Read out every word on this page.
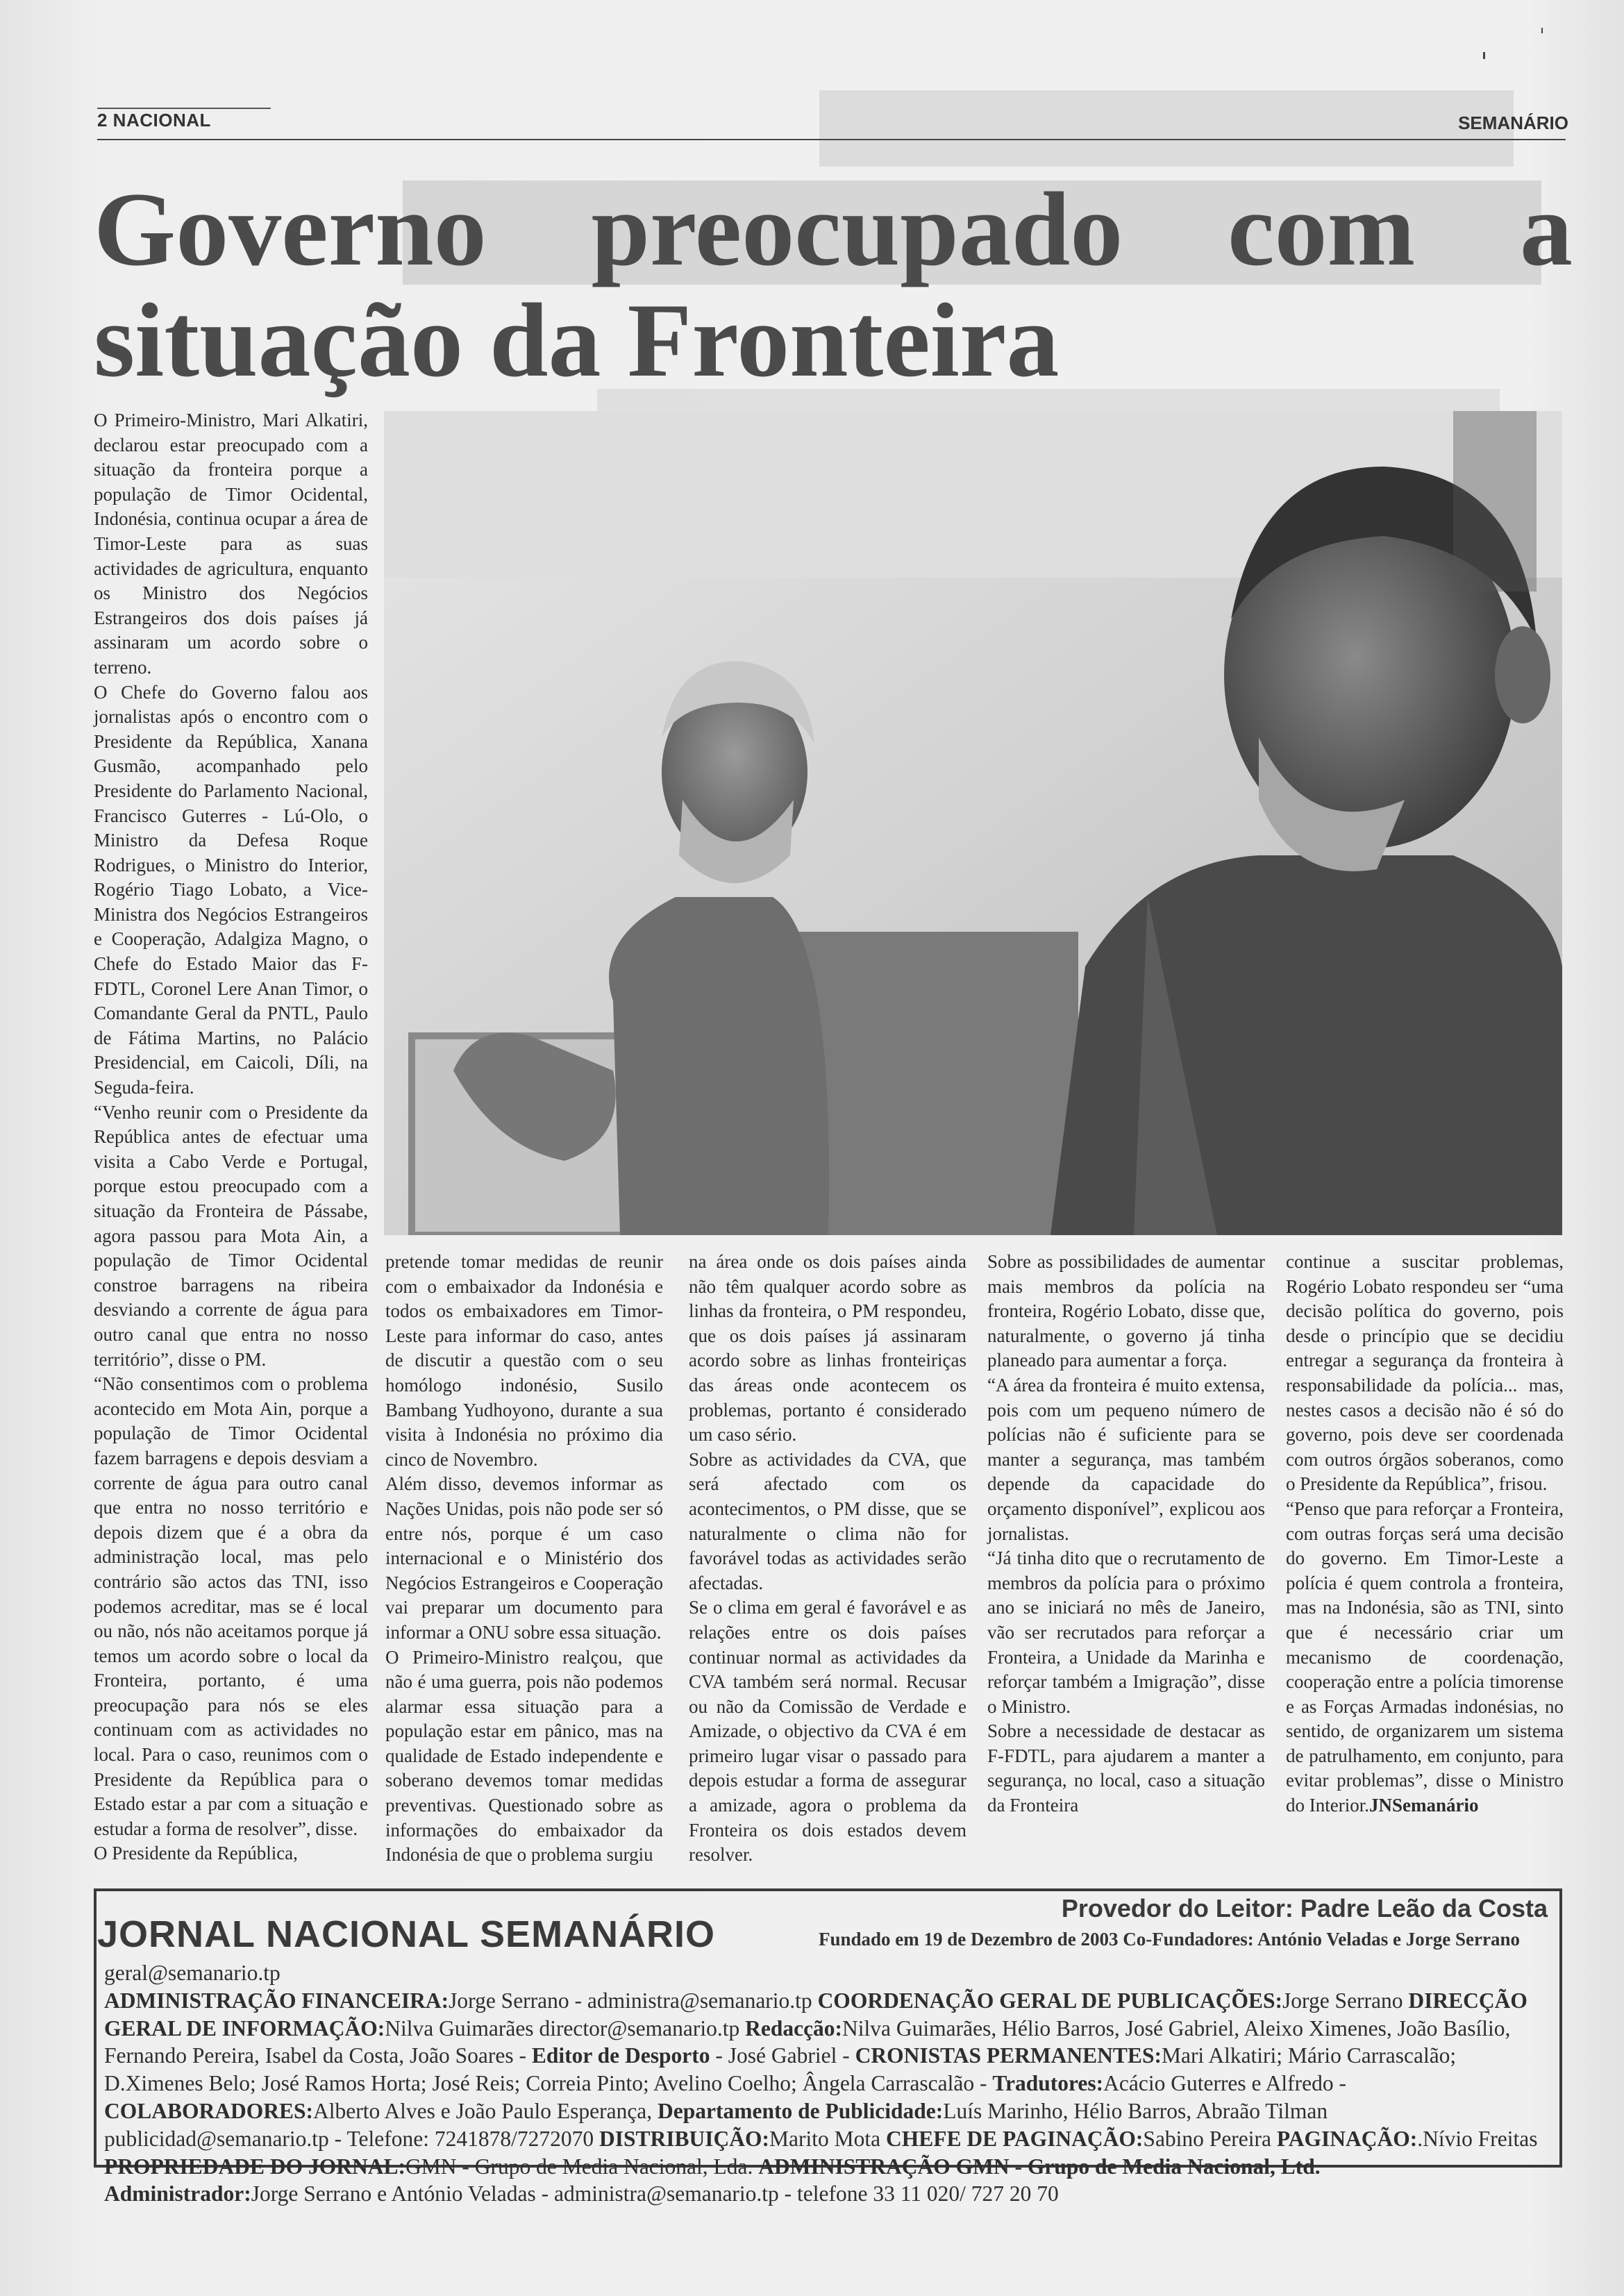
2 NACIONAL	SEMANÁRIO
Governo preocupado com a
situação da Fronteira

O Primeiro-Ministro, Mari Alkatiri, declarou estar preocupado com a situação da fronteira porque a população de Timor Ocidental, Indonésia, continua ocupar a área de Timor-Leste para as suas actividades de agricultura, enquanto os Ministro dos Negócios Estrangeiros dos dois países já assinaram um acordo sobre o terreno.

O Chefe do Governo falou aos jornalistas após o encontro com o Presidente da República, Xanana Gusmão, acompanhado pelo Presidente do Parlamento Nacional, Francisco Guterres - Lú-Olo, o Ministro da Defesa Roque Rodrigues, o Ministro do Interior, Rogério Tiago Lobato, a Vice-Ministra dos Negócios Estrangeiros e Cooperação, Adalgiza Magno, o Chefe do Estado Maior das F-FDTL, Coronel Lere Anan Timor, o Comandante Geral da PNTL, Paulo de Fátima Martins, no Palácio Presidencial, em Caicoli, Díli, na Seguda-feira.

“Venho reunir com o Presidente da República antes de efectuar uma visita a Cabo Verde e Portugal, porque estou preocupado com a situação da Fronteira de Pássabe, agora passou para Mota Ain, a população de Timor Ocidental constroe barragens na ribeira desviando a corrente de água para outro canal que entra no nosso território”, disse o PM.

“Não consentimos com o problema acontecido em Mota Ain, porque a população de Timor Ocidental fazem barragens e depois desviam a corrente de água para outro canal que entra no nosso território e depois dizem que é a obra da administração local, mas pelo contrário são actos das TNI, isso podemos acreditar, mas se é local ou não, nós não aceitamos porque já temos um acordo sobre o local da Fronteira, portanto, é uma preocupação para nós se eles continuam com as actividades no local. Para o caso, reunimos com o Presidente da República para o Estado estar a par com a situação e estudar a forma de resolver”, disse.

O Presidente da República,

pretende tomar medidas de reunir com o embaixador da Indonésia e todos os embaixadores em Timor-Leste para informar do caso, antes de discutir a questão com o seu homólogo indonésio, Susilo Bambang Yudhoyono, durante a sua visita à Indonésia no próximo dia cinco de Novembro.

Além disso, devemos informar as Nações Unidas, pois não pode ser só entre nós, porque é um caso internacional e o Ministério dos Negócios Estrangeiros e Cooperação vai preparar um documento para informar a ONU sobre essa situação.

O Primeiro-Ministro realçou, que não é uma guerra, pois não podemos alarmar essa situação para a população estar em pânico, mas na qualidade de Estado independente e soberano devemos tomar medidas preventivas. Questionado sobre as informações do embaixador da Indonésia de que o problema surgiu

na área onde os dois países ainda não têm qualquer acordo sobre as linhas da fronteira, o PM respondeu, que os dois países já assinaram acordo sobre as linhas fronteiriças das áreas onde acontecem os problemas, portanto é considerado um caso sério.

Sobre as actividades da CVA, que será afectado com os acontecimentos, o PM disse, que se naturalmente o clima não for favorável todas as actividades serão afectadas.

Se o clima em geral é favorável e as relações entre os dois países continuar normal as actividades da CVA também será normal. Recusar ou não da Comissão de Verdade e Amizade, o objectivo da CVA é em primeiro lugar visar o passado para depois estudar a forma de assegurar a amizade, agora o problema da Fronteira os dois estados devem resolver.

Sobre as possibilidades de aumentar mais membros da polícia na fronteira, Rogério Lobato, disse que, naturalmente, o governo já tinha planeado para aumentar a força.

“A área da fronteira é muito extensa, pois com um pequeno número de polícias não é suficiente para se manter a segurança, mas também depende da capacidade do orçamento disponível”, explicou aos jornalistas.

“Já tinha dito que o recrutamento de membros da polícia para o próximo ano se iniciará no mês de Janeiro, vão ser recrutados para reforçar a Fronteira, a Unidade da Marinha e reforçar também a Imigração”, disse o Ministro.

Sobre a necessidade de destacar as F-FDTL, para ajudarem a manter a segurança, no local, caso a situação da Fronteira

continue a suscitar problemas, Rogério Lobato respondeu ser “uma decisão política do governo, pois desde o princípio que se decidiu entregar a segurança da fronteira à responsabilidade da polícia... mas, nestes casos a decisão não é só do governo, pois deve ser coordenada com outros órgãos soberanos, como o Presidente da República”, frisou.

“Penso que para reforçar a Fronteira, com outras forças será uma decisão do governo. Em Timor-Leste a polícia é quem controla a fronteira, mas na Indonésia, são as TNI, sinto que é necessário criar um mecanismo de coordenação, cooperação entre a polícia timorense e as Forças Armadas indonésias, no sentido, de organizarem um sistema de patrulhamento, em conjunto, para evitar problemas”, disse o Ministro do Interior.JNSemanário

JORNAL NACIONAL SEMANÁRIO
Provedor do Leitor: Padre Leão da Costa
Fundado em 19 de Dezembro de 2003 Co-Fundadores: António Veladas e Jorge Serrano
geral@semanario.tp
ADMINISTRAÇÃO FINANCEIRA:Jorge Serrano - administra@semanario.tp COORDENAÇÃO GERAL DE PUBLICAÇÕES:Jorge Serrano DIRECÇÃO GERAL DE INFORMAÇÃO:Nilva Guimarães director@semanario.tp Redacção:Nilva Guimarães, Hélio Barros, José Gabriel, Aleixo Ximenes, João Basílio, Fernando Pereira, Isabel da Costa, João Soares - Editor de Desporto - José Gabriel - CRONISTAS PERMANENTES:Mari Alkatiri; Mário Carrascalão; D.Ximenes Belo; José Ramos Horta; José Reis; Correia Pinto; Avelino Coelho; Ângela Carrascalão - Tradutores:Acácio Guterres e Alfredo - COLABORADORES:Alberto Alves e João Paulo Esperança, Departamento de Publicidade:Luís Marinho, Hélio Barros, Abraão Tilman publicidad@semanario.tp - Telefone: 7241878/7272070 DISTRIBUIÇÃO:Marito Mota CHEFE DE PAGINAÇÃO:Sabino Pereira PAGINAÇÃO:.Nívio Freitas
PROPRIEDADE DO JORNAL:GMN - Grupo de Media Nacional, Lda. ADMINISTRAÇÃO GMN - Grupo de Media Nacional, Ltd.
Administrador:Jorge Serrano e António Veladas - administra@semanario.tp - telefone 33 11 020/ 727 20 70
